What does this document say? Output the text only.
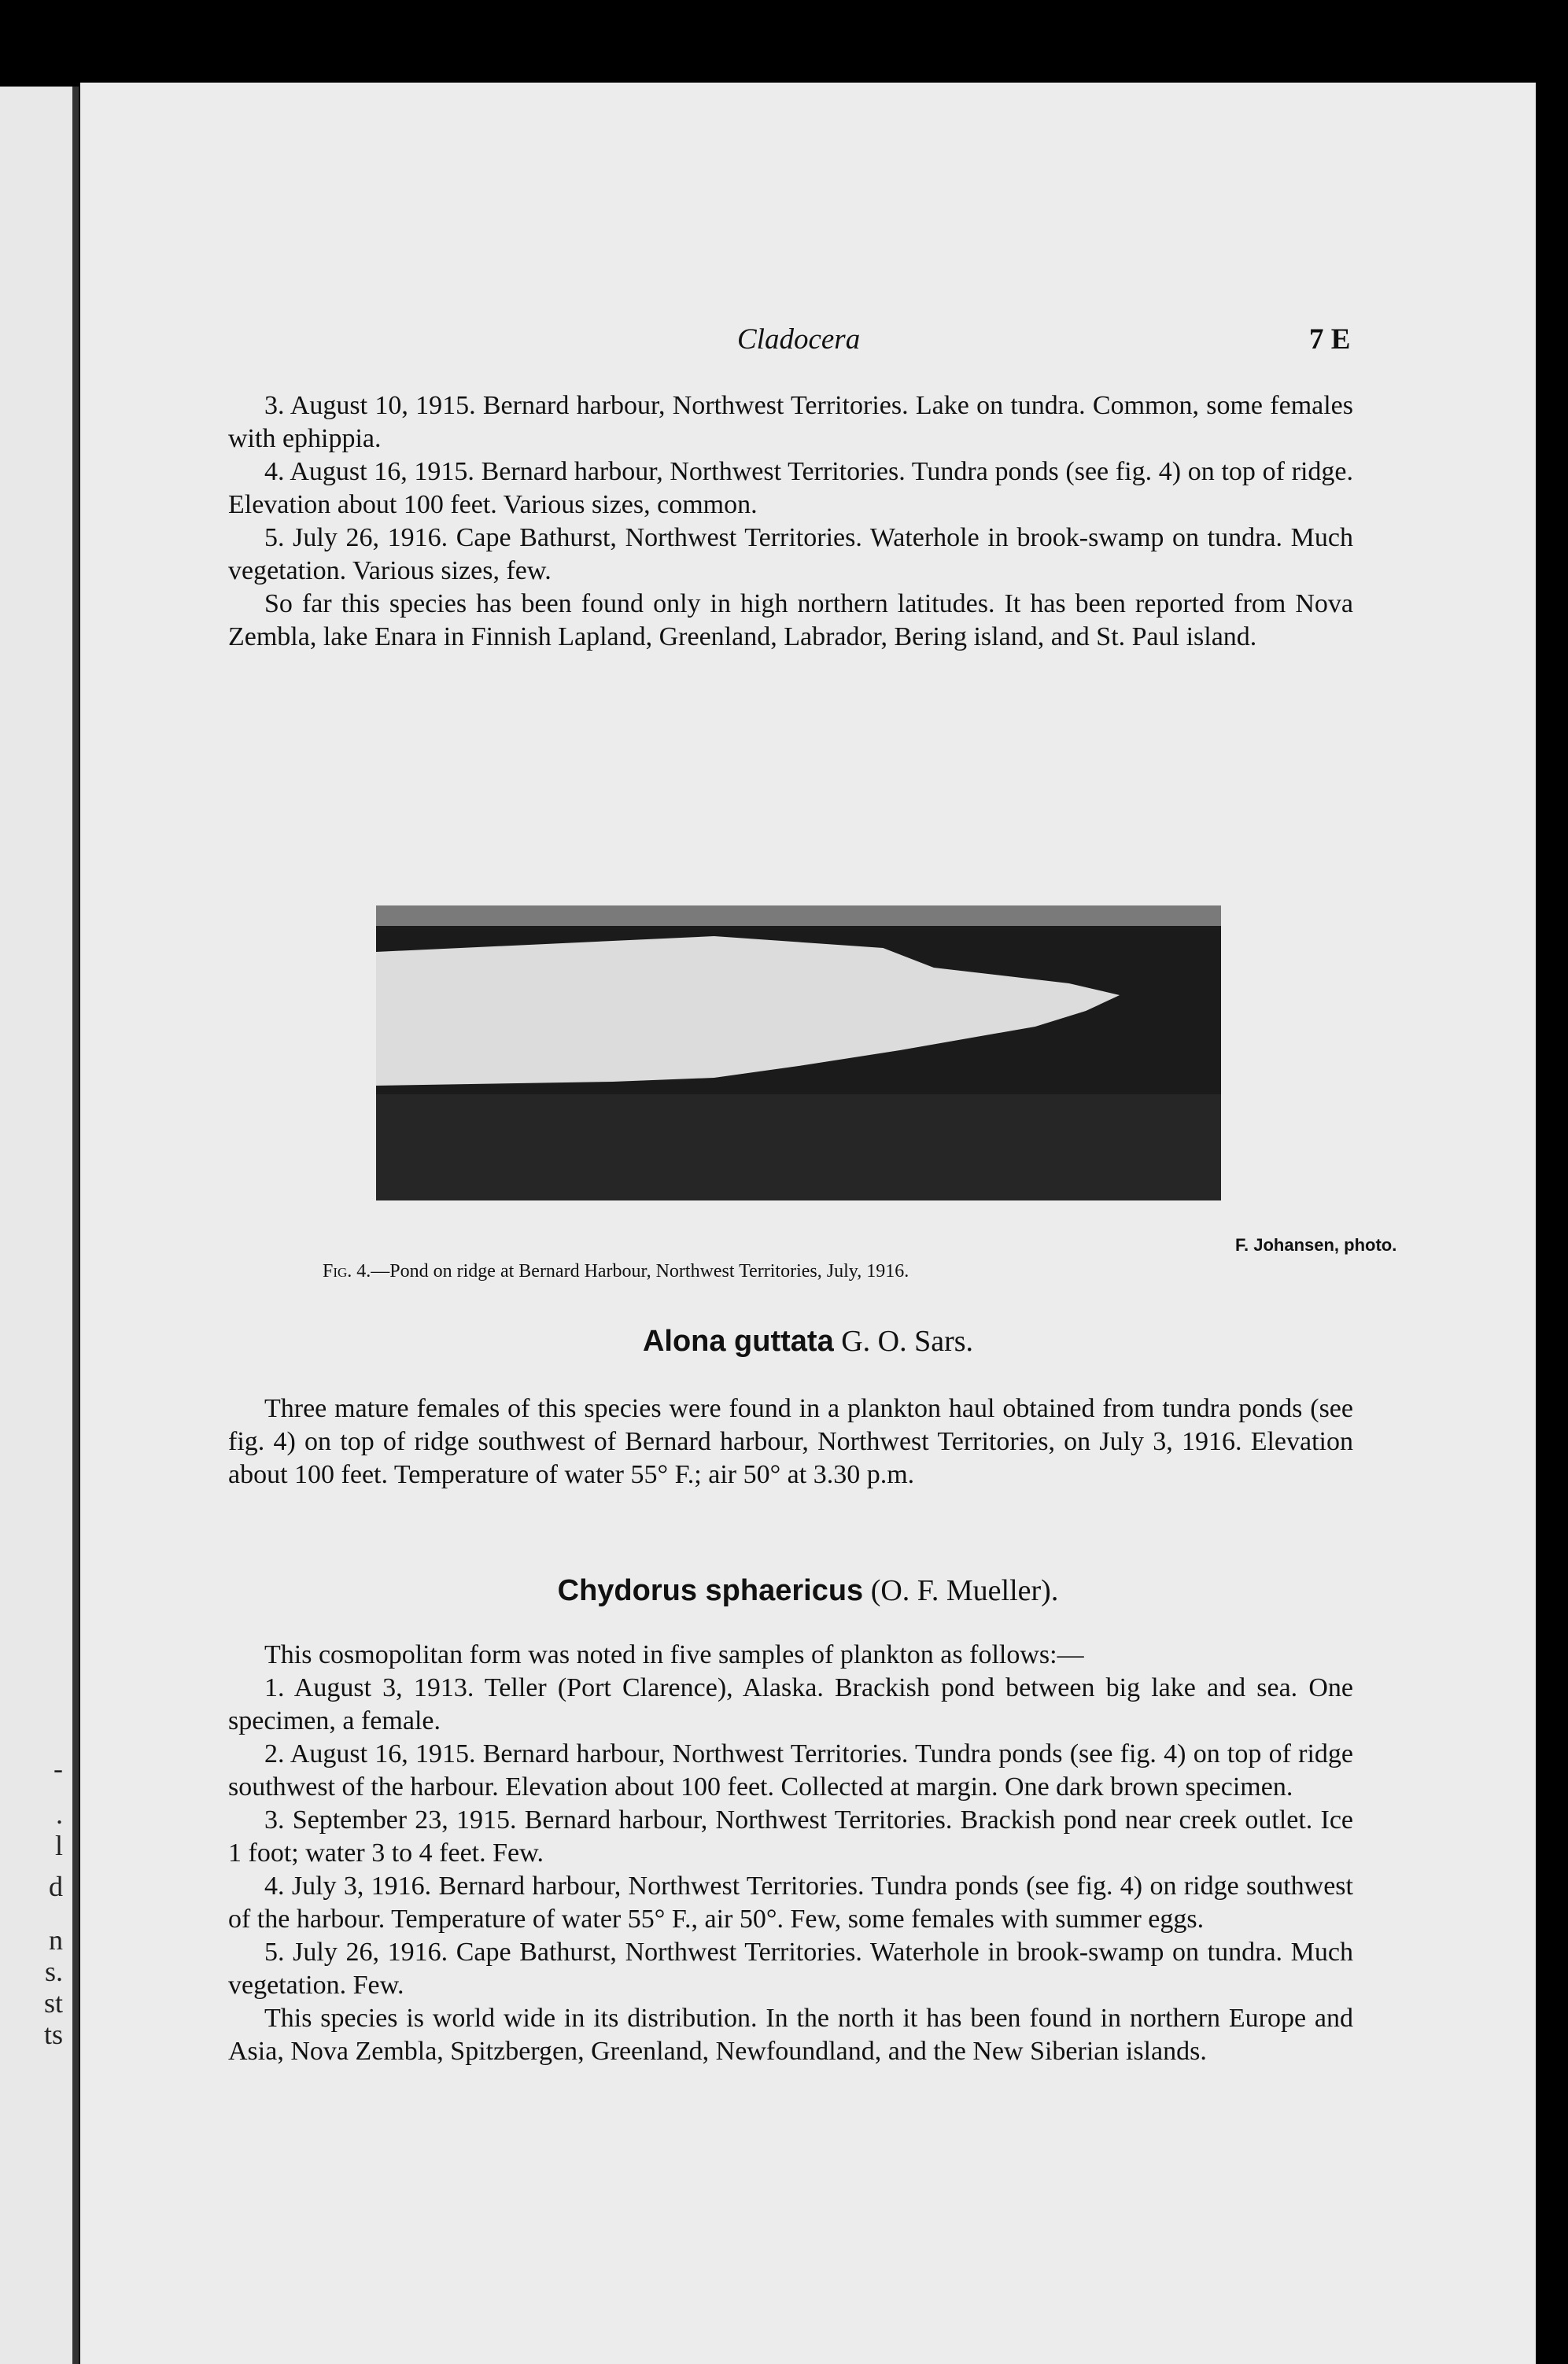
-
.
l
d
n
s.
st
ts
Cladocera	7 E

3. August 10, 1915. Bernard harbour, Northwest Territories. Lake on tundra. Common, some females with ephippia.

4. August 16, 1915. Bernard harbour, Northwest Territories. Tundra ponds (see fig. 4) on top of ridge. Elevation about 100 feet. Various sizes, common.

5. July 26, 1916. Cape Bathurst, Northwest Territories. Waterhole in brook-swamp on tundra. Much vegetation. Various sizes, few.

So far this species has been found only in high northern latitudes. It has been reported from Nova Zembla, lake Enara in Finnish Lapland, Greenland, Labrador, Bering island, and St. Paul island.

F. Johansen, photo.
Fig. 4.—Pond on ridge at Bernard Harbour, Northwest Territories, July, 1916.
Alona guttata G. O. Sars.

Three mature females of this species were found in a plankton haul obtained from tundra ponds (see fig. 4) on top of ridge southwest of Bernard harbour, Northwest Territories, on July 3, 1916. Elevation about 100 feet. Temperature of water 55° F.; air 50° at 3.30 p.m.

Chydorus sphaericus (O. F. Mueller).

This cosmopolitan form was noted in five samples of plankton as follows:—

1. August 3, 1913. Teller (Port Clarence), Alaska. Brackish pond between big lake and sea. One specimen, a female.

2. August 16, 1915. Bernard harbour, Northwest Territories. Tundra ponds (see fig. 4) on top of ridge southwest of the harbour. Elevation about 100 feet. Collected at margin. One dark brown specimen.

3. September 23, 1915. Bernard harbour, Northwest Territories. Brackish pond near creek outlet. Ice 1 foot; water 3 to 4 feet. Few.

4. July 3, 1916. Bernard harbour, Northwest Territories. Tundra ponds (see fig. 4) on ridge southwest of the harbour. Temperature of water 55° F., air 50°. Few, some females with summer eggs.

5. July 26, 1916. Cape Bathurst, Northwest Territories. Waterhole in brook-swamp on tundra. Much vegetation. Few.

This species is world wide in its distribution. In the north it has been found in northern Europe and Asia, Nova Zembla, Spitzbergen, Greenland, Newfoundland, and the New Siberian islands.
